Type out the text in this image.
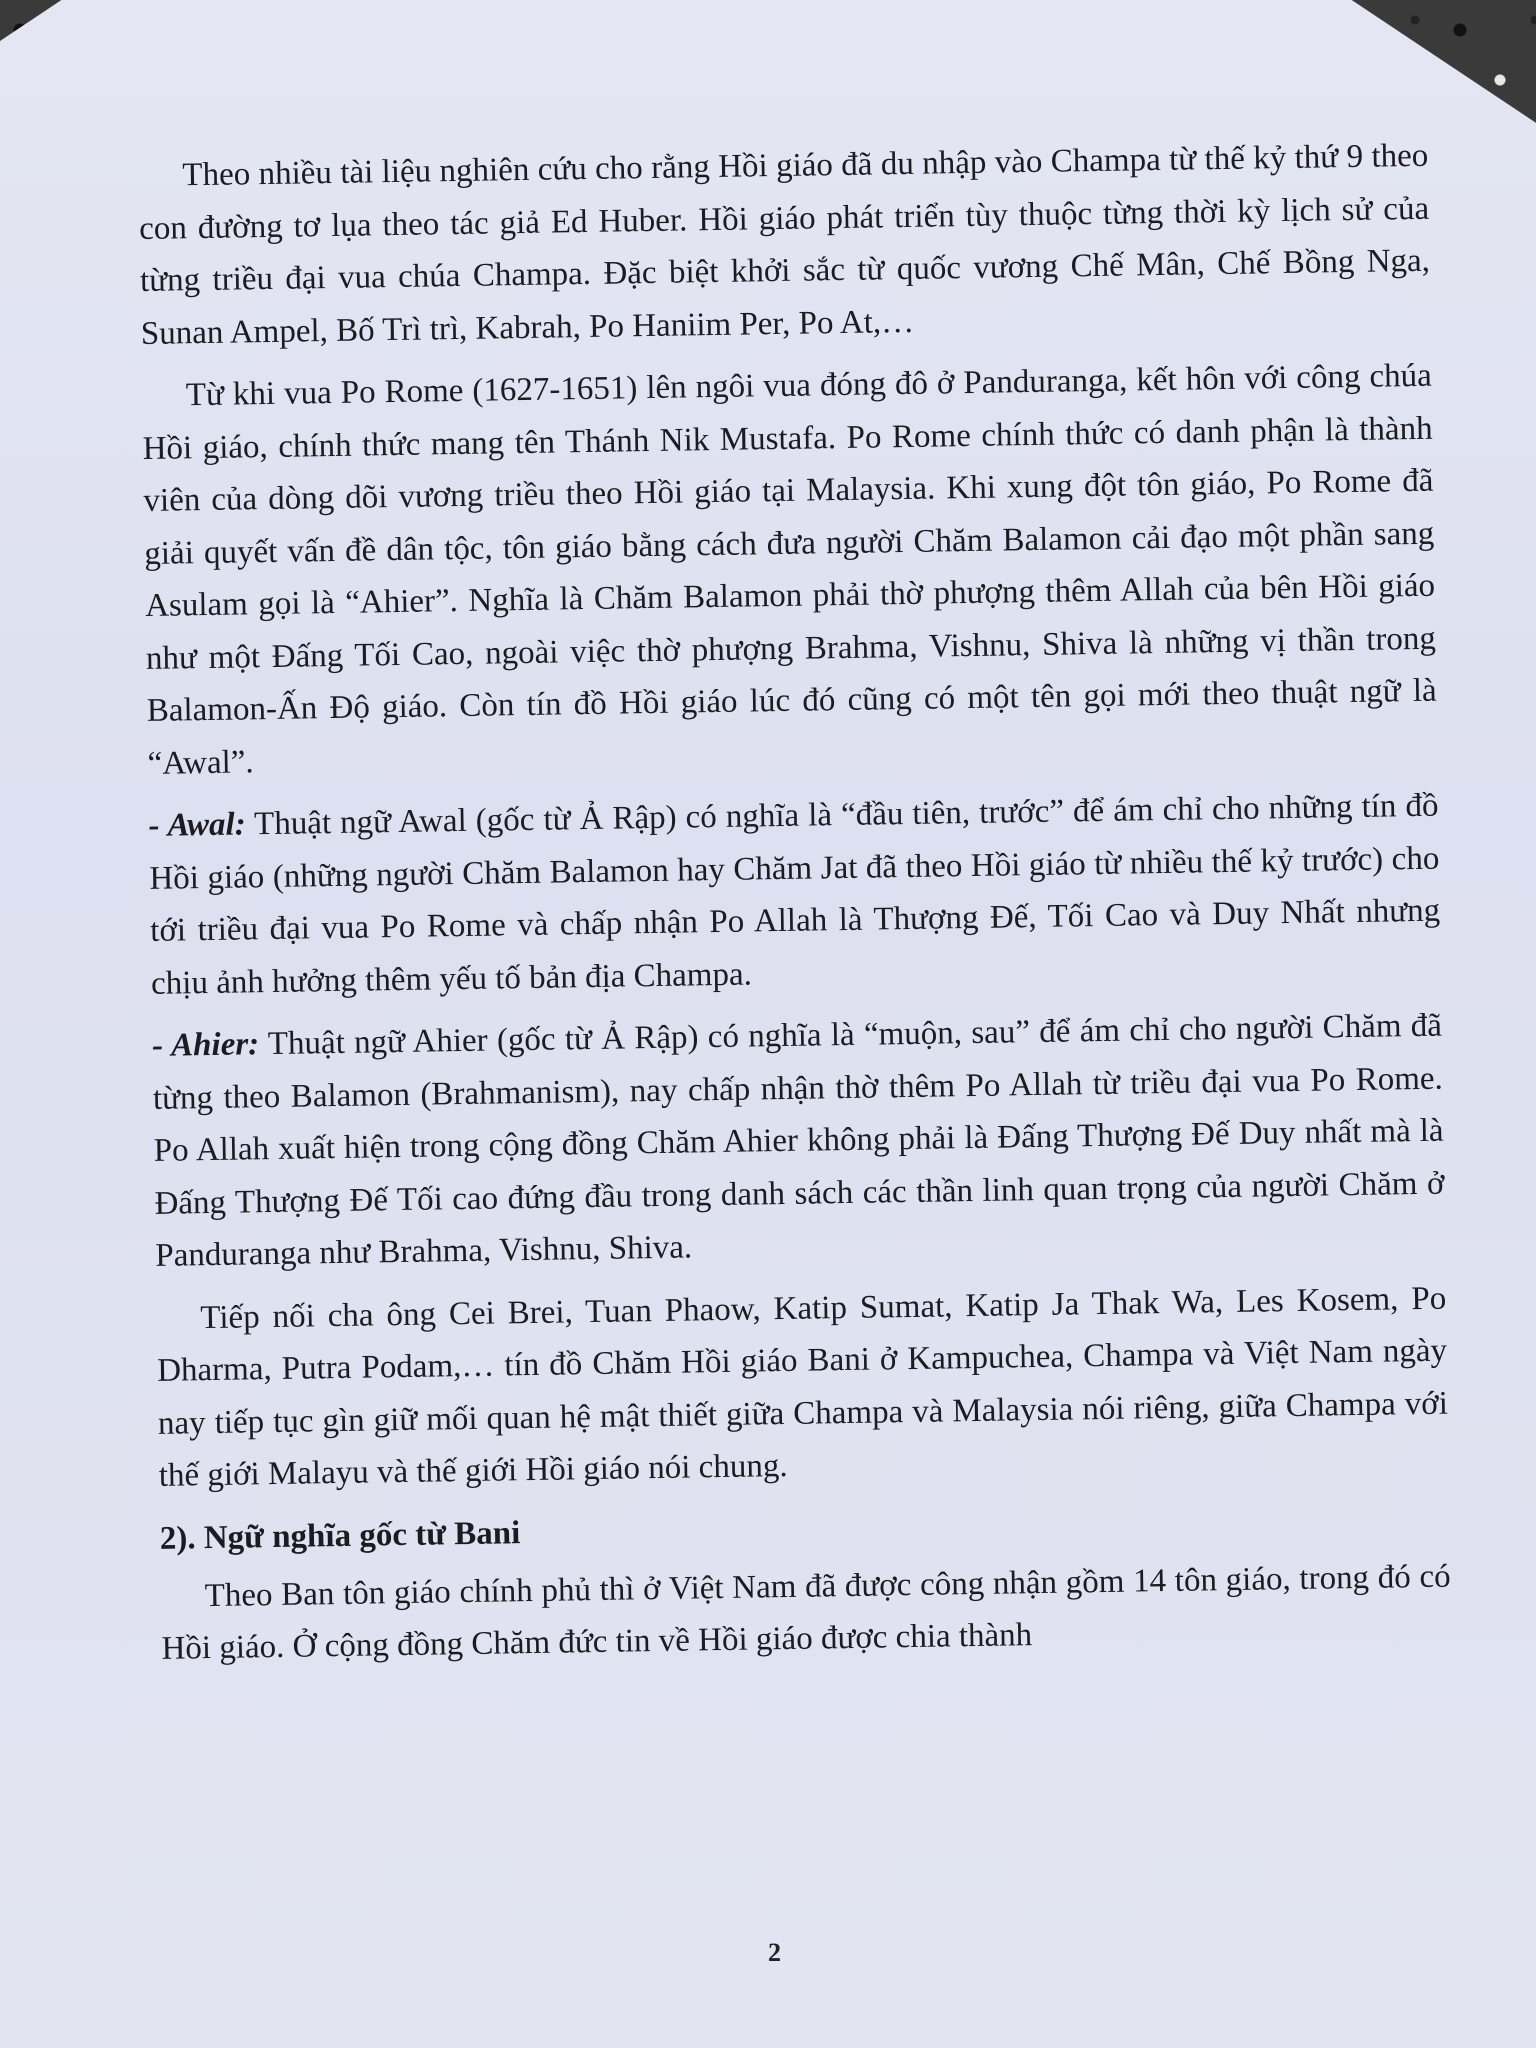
Theo nhiều tài liệu nghiên cứu cho rằng Hồi giáo đã du nhập vào Champa từ thế kỷ thứ 9 theo con đường tơ lụa theo tác giả Ed Huber. Hồi giáo phát triển tùy thuộc từng thời kỳ lịch sử của từng triều đại vua chúa Champa. Đặc biệt khởi sắc từ quốc vương Chế Mân, Chế Bồng Nga, Sunan Ampel, Bố Trì trì, Kabrah, Po Haniim Per, Po At,…

Từ khi vua Po Rome (1627-1651) lên ngôi vua đóng đô ở Panduranga, kết hôn với công chúa Hồi giáo, chính thức mang tên Thánh Nik Mustafa. Po Rome chính thức có danh phận là thành viên của dòng dõi vương triều theo Hồi giáo tại Malaysia. Khi xung đột tôn giáo, Po Rome đã giải quyết vấn đề dân tộc, tôn giáo bằng cách đưa người Chăm Balamon cải đạo một phần sang Asulam gọi là “Ahier”. Nghĩa là Chăm Balamon phải thờ phượng thêm Allah của bên Hồi giáo như một Đấng Tối Cao, ngoài việc thờ phượng Brahma, Vishnu, Shiva là những vị thần trong Balamon-Ấn Độ giáo. Còn tín đồ Hồi giáo lúc đó cũng có một tên gọi mới theo thuật ngữ là “Awal”.

- Awal: Thuật ngữ Awal (gốc từ Ả Rập) có nghĩa là “đầu tiên, trước” để ám chỉ cho những tín đồ Hồi giáo (những người Chăm Balamon hay Chăm Jat đã theo Hồi giáo từ nhiều thế kỷ trước) cho tới triều đại vua Po Rome và chấp nhận Po Allah là Thượng Đế, Tối Cao và Duy Nhất nhưng chịu ảnh hưởng thêm yếu tố bản địa Champa.

- Ahier: Thuật ngữ Ahier (gốc từ Ả Rập) có nghĩa là “muộn, sau” để ám chỉ cho người Chăm đã từng theo Balamon (Brahmanism), nay chấp nhận thờ thêm Po Allah từ triều đại vua Po Rome. Po Allah xuất hiện trong cộng đồng Chăm Ahier không phải là Đấng Thượng Đế Duy nhất mà là Đấng Thượng Đế Tối cao đứng đầu trong danh sách các thần linh quan trọng của người Chăm ở Panduranga như Brahma, Vishnu, Shiva.

Tiếp nối cha ông Cei Brei, Tuan Phaow, Katip Sumat, Katip Ja Thak Wa, Les Kosem, Po Dharma, Putra Podam,… tín đồ Chăm Hồi giáo Bani ở Kampuchea, Champa và Việt Nam ngày nay tiếp tục gìn giữ mối quan hệ mật thiết giữa Champa và Malaysia nói riêng, giữa Champa với thế giới Malayu và thế giới Hồi giáo nói chung.

2). Ngữ nghĩa gốc từ Bani

Theo Ban tôn giáo chính phủ thì ở Việt Nam đã được công nhận gồm 14 tôn giáo, trong đó có Hồi giáo. Ở cộng đồng Chăm đức tin về Hồi giáo được chia thành

2
